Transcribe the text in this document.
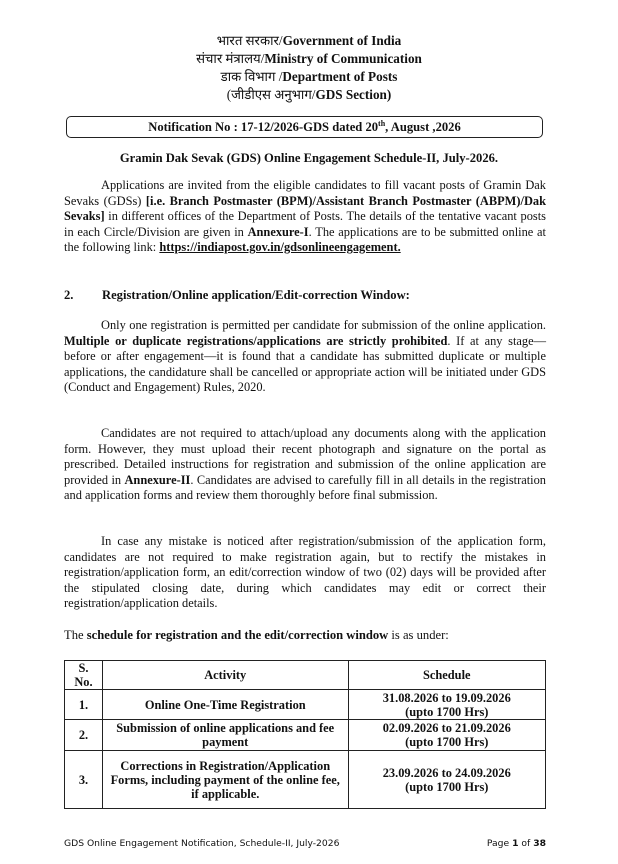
भारत सरकार/Government of India
संचार मंत्रालय/Ministry of Communication
डाक विभाग /Department of Posts
(जीडीएस अनुभाग/GDS Section)
Notification No : 17-12/2026-GDS dated 20th, August ,2026
Gramin Dak Sevak (GDS) Online Engagement Schedule-II, July-2026.
Applications are invited from the eligible candidates to fill vacant posts of Gramin Dak Sevaks (GDSs) [i.e. Branch Postmaster (BPM)/Assistant Branch Postmaster (ABPM)/Dak Sevaks] in different offices of the Department of Posts. The details of the tentative vacant posts in each Circle/Division are given in Annexure-I. The applications are to be submitted online at the following link: https://indiapost.gov.in/gdsonlineengagement.
2. Registration/Online application/Edit-correction Window:
Only one registration is permitted per candidate for submission of the online application. Multiple or duplicate registrations/applications are strictly prohibited. If at any stage—before or after engagement—it is found that a candidate has submitted duplicate or multiple applications, the candidature shall be cancelled or appropriate action will be initiated under GDS (Conduct and Engagement) Rules, 2020.
Candidates are not required to attach/upload any documents along with the application form. However, they must upload their recent photograph and signature on the portal as prescribed. Detailed instructions for registration and submission of the online application are provided in Annexure-II. Candidates are advised to carefully fill in all details in the registration and application forms and review them thoroughly before final submission.
In case any mistake is noticed after registration/submission of the application form, candidates are not required to make registration again, but to rectify the mistakes in registration/application form, an edit/correction window of two (02) days will be provided after the stipulated closing date, during which candidates may edit or correct their registration/application details.
The schedule for registration and the edit/correction window is as under:
S. No.	Activity	Schedule
1.	Online One-Time Registration	31.08.2026 to 19.09.2026
(upto 1700 Hrs)

2.	Submission of online applications and fee payment	02.09.2026 to 21.09.2026
(upto 1700 Hrs)

3.	Corrections in Registration/Application Forms, including payment of the online fee, if applicable.	23.09.2026 to 24.09.2026
(upto 1700 Hrs)
GDS Online Engagement Notification, Schedule-II, July-2026	Page 1 of 38
